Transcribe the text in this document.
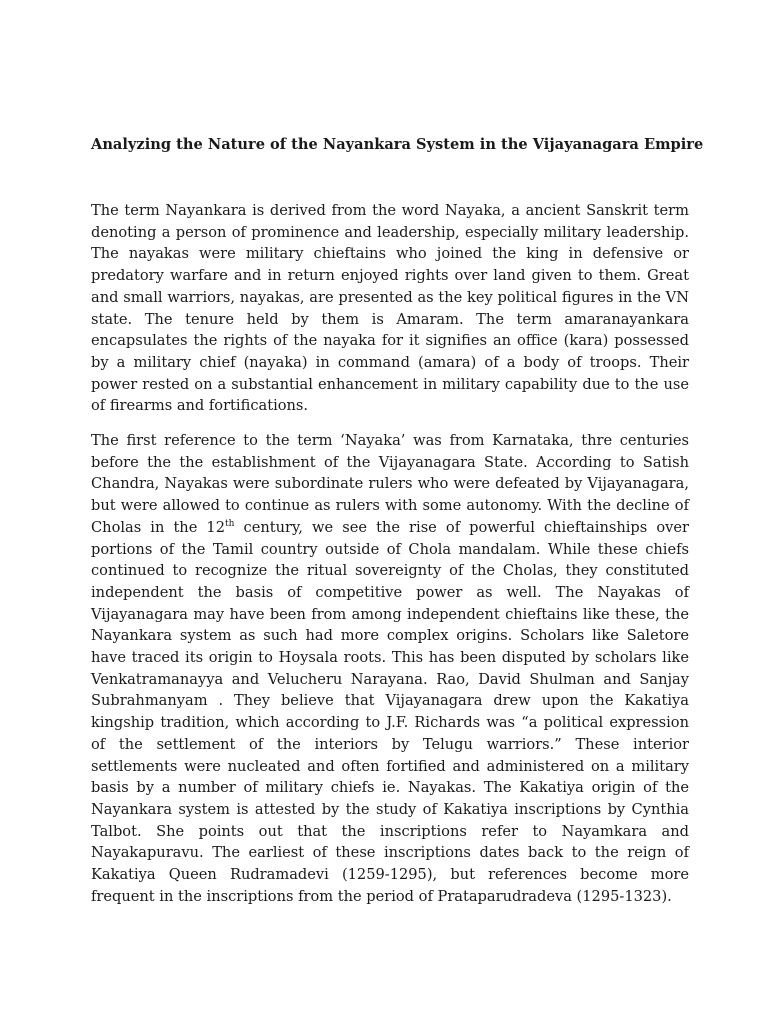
Analyzing the Nature of the Nayankara System in the Vijayanagara Empire

The term Nayankara is derived from the word Nayaka, a ancient Sanskrit term denoting a person of prominence and leadership, especially military leadership. The nayakas were military chieftains who joined the king in defensive or predatory warfare and in return enjoyed rights over land given to them. Great and small warriors, nayakas, are presented as the key political figures in the VN state. The tenure held by them is Amaram. The term amaranayankara encapsulates the rights of the nayaka for it signifies an office (kara) possessed by a military chief (nayaka) in command (amara) of a body of troops. Their power rested on a substantial enhancement in military capability due to the use of firearms and fortifications.

The first reference to the term ‘Nayaka’ was from Karnataka, thre centuries before the the establishment of the Vijayanagara State. According to Satish Chandra, Nayakas were subordinate rulers who were defeated by Vijayanagara, but were allowed to continue as rulers with some autonomy. With the decline of Cholas in the 12th century, we see the rise of powerful chieftainships over portions of the Tamil country outside of Chola mandalam. While these chiefs continued to recognize the ritual sovereignty of the Cholas, they constituted independent the basis of competitive power as well. The Nayakas of Vijayanagara may have been from among independent chieftains like these, the Nayankara system as such had more complex origins. Scholars like Saletore have traced its origin to Hoysala roots. This has been disputed by scholars like Venkatramanayya and Velucheru Narayana. Rao, David Shulman and Sanjay Subrahmanyam . They believe that Vijayanagara drew upon the Kakatiya kingship tradition, which according to J.F. Richards was “a political expression of the settlement of the interiors by Telugu warriors.” These interior settlements were nucleated and often fortified and administered on a military basis by a number of military chiefs ie. Nayakas. The Kakatiya origin of the Nayankara system is attested by the study of Kakatiya inscriptions by Cynthia Talbot. She points out that the inscriptions refer to Nayamkara and Nayakapuravu. The earliest of these inscriptions dates back to the reign of Kakatiya Queen Rudramadevi (1259-1295), but references become more frequent in the inscriptions from the period of Prataparudradeva (1295-1323).
